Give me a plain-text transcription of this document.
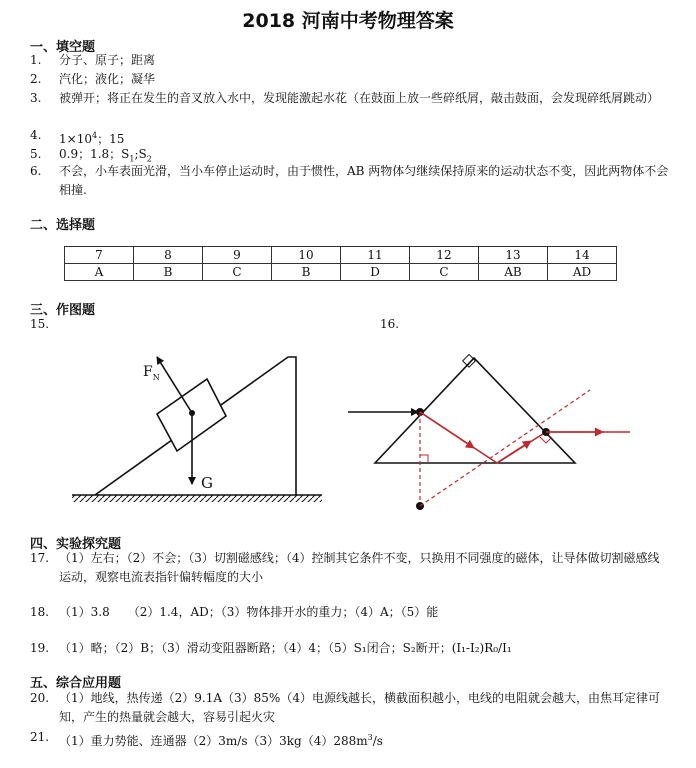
2018 河南中考物理答案
一、填空题
1. 分子、原子；距离
2. 汽化；液化；凝华
3. 被弹开；将正在发生的音叉放入水中，发现能激起水花（在鼓面上放一些碎纸屑，敲击鼓面，会发现碎纸屑跳动）
4. $1\times 10^4$；15
5. 0.9；1.8；$S_1;S_2$
6. 不会，小车表面光滑，当小车停止运动时，由于惯性，AB 两物体匀继续保持原来的运动状态不变，因此两物体不会相撞.
二、选择题
7	8	9	10	11	12	13	14
A	B	C	B	D	C	AB	AD
三、作图题
15.	16.
$F_N$
G
四、实验探究题
17. （1）左右；（2）不会；（3）切割磁感线；（4）控制其它条件不变，只换用不同强度的磁体，让导体做切割磁感线运动，观察电流表指针偏转幅度的大小
18. （1）3.8　　（2）1.4，AD；（3）物体排开水的重力；（4）A；（5）能
19. （1）略；（2）B；（3）滑动变阻器断路；（4）4；（5）S₁闭合；S₂断开；(I₁-I₂)R₀/I₁
五、综合应用题
20. （1）地线，热传递（2）9.1A（3）85%（4）电源线越长，横截面积越小，电线的电阻就会越大，由焦耳定律可知，产生的热量就会越大，容易引起火灾
21. （1）重力势能、连通器$(2)3m/s(3)3kg(4)288m^3/s$
